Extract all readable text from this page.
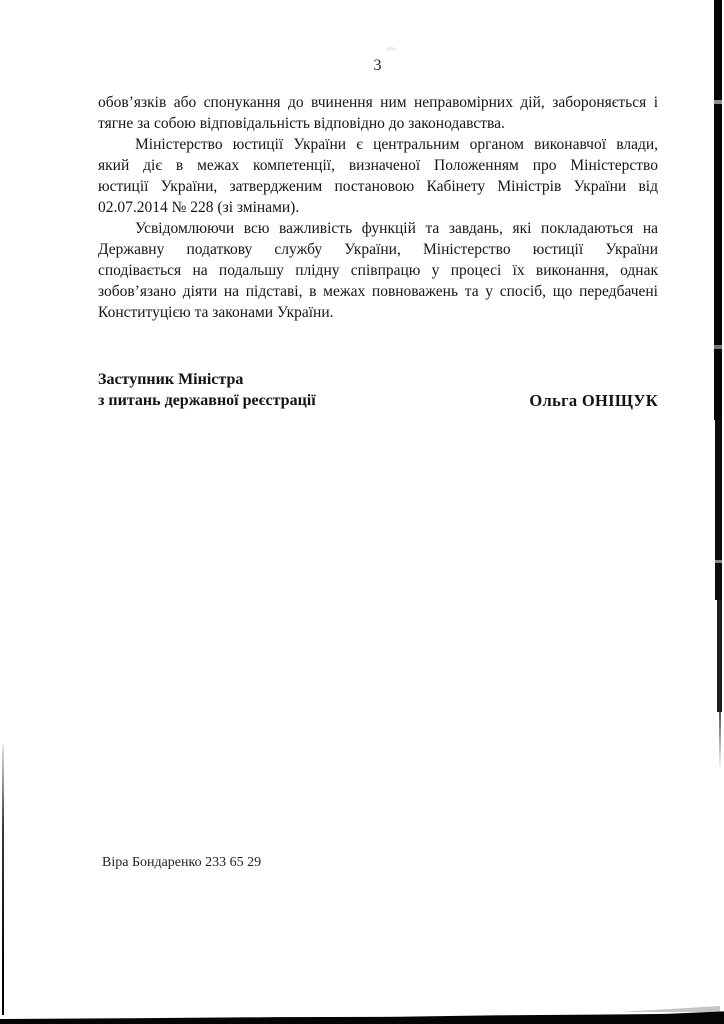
3
обов’язків або спонукання до вчинення ним неправомірних дій, забороняється і
тягне за собою відповідальність відповідно до законодавства.
Міністерство юстиції України є центральним органом виконавчої влади,
який діє в межах компетенції, визначеної Положенням про Міністерство
юстиції України, затвердженим постановою Кабінету Міністрів України від
02.07.2014 № 228 (зі змінами).
Усвідомлюючи всю важливість функцій та завдань, які покладаються на
Державну податкову службу України, Міністерство юстиції України
сподівається на подальшу плідну співпрацю у процесі їх виконання, однак
зобов’язано діяти на підставі, в межах повноважень та у спосіб, що передбачені
Конституцією та законами України.
Заступник Міністра
з питань державної реєстрації	Ольга ОНІЩУК
Віра Бондаренко 233 65 29
